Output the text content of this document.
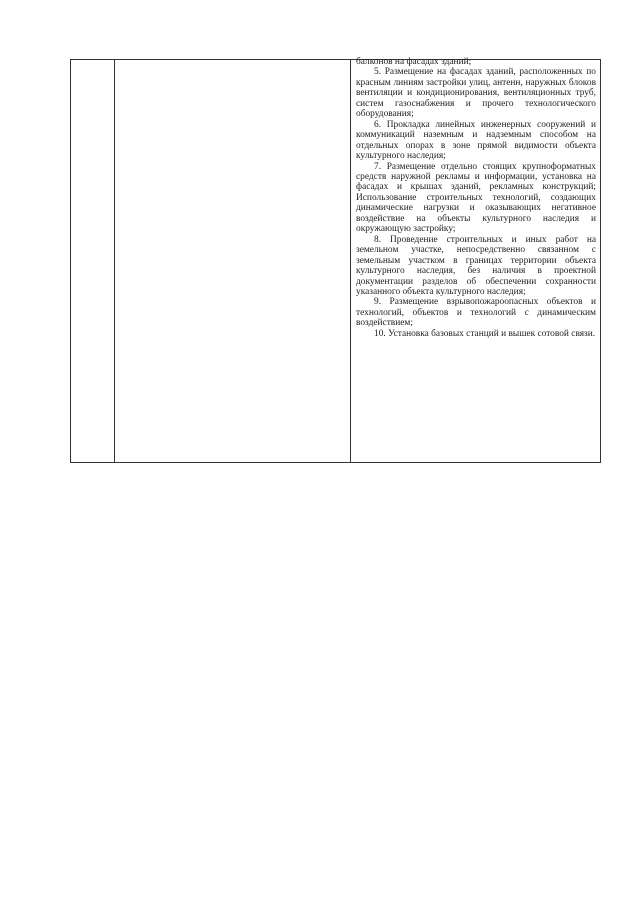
балконов на фасадах зданий;

5. Размещение на фасадах зданий, расположенных по красным линиям застройки улиц, антенн, наружных блоков вентиляции и кондиционирования, вентиляционных труб, систем газоснабжения и прочего технологического оборудования;

6. Прокладка линейных инженерных сооружений и коммуникаций наземным и надземным способом на отдельных опорах в зоне прямой видимости объекта культурного наследия;

7. Размещение отдельно стоящих крупноформатных средств наружной рекламы и информации, установка на фасадах и крышах зданий, рекламных конструкций; Использование строительных технологий, создающих динамические нагрузки и оказывающих негативное воздействие на объекты культурного наследия и окружающую застройку;

8. Проведение строительных и иных работ на земельном участке, непосредственно связанном с земельным участком в границах территории объекта культурного наследия, без наличия в проектной документации разделов об обеспечении сохранности указанного объекта культурного наследия;

9. Размещение взрывопожароопасных объектов и технологий, объектов и технологий с динамическим воздействием;

10. Установка базовых станций и вышек сотовой связи.
